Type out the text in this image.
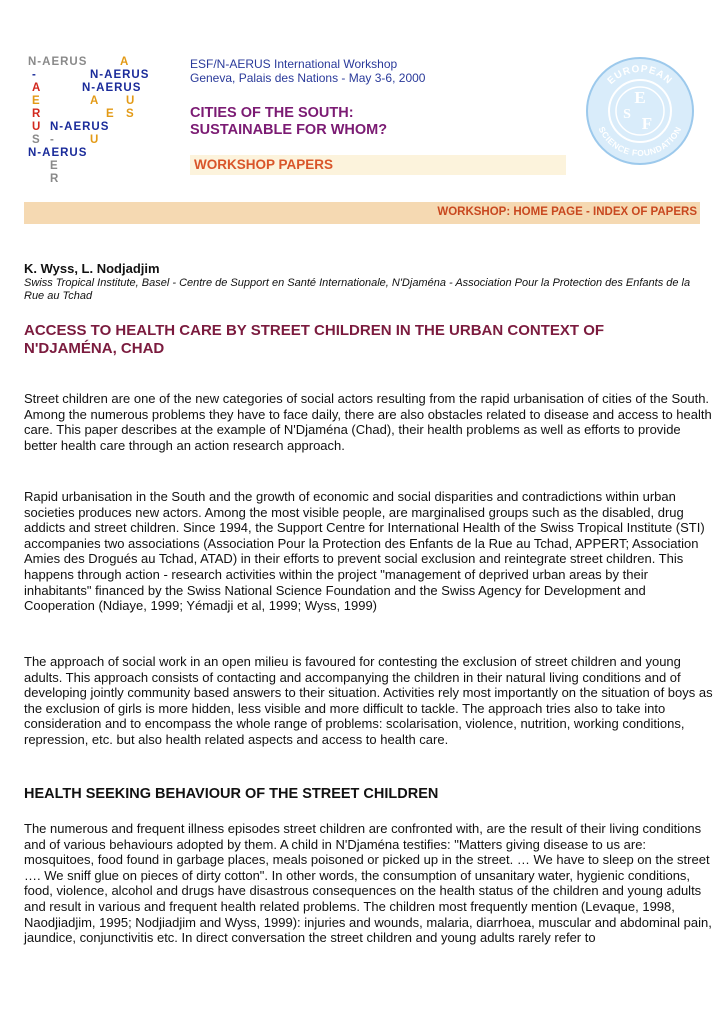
N-AERUS	A
-	N-AERUS
A	N-AERUS
E	A U
R	E S
U N-AERUS
S -	U
N-AERUS
E
R
ESF/N-AERUS International Workshop
Geneva, Palais des Nations - May 3-6, 2000
CITIES OF THE SOUTH:
SUSTAINABLE FOR WHOM?
WORKSHOP PAPERS
EUROPEAN
SCIENCE FOUNDATION
E
S F
WORKSHOP: HOME PAGE - INDEX OF PAPERS
K. Wyss, L. Nodjadjim
Swiss Tropical Institute, Basel - Centre de Support en Santé Internationale, N'Djaména - Association Pour la Protection des Enfants de la Rue au Tchad
ACCESS TO HEALTH CARE BY STREET CHILDREN IN THE URBAN CONTEXT OF N'DJAMÉNA, CHAD
Street children are one of the new categories of social actors resulting from the rapid urbanisation of cities of the South. Among the numerous problems they have to face daily, there are also obstacles related to disease and access to health care. This paper describes at the example of N'Djaména (Chad), their health problems as well as efforts to provide better health care through an action research approach.
Rapid urbanisation in the South and the growth of economic and social disparities and contradictions within urban societies produces new actors. Among the most visible people, are marginalised groups such as the disabled, drug addicts and street children. Since 1994, the Support Centre for International Health of the Swiss Tropical Institute (STI) accompanies two associations (Association Pour la Protection des Enfants de la Rue au Tchad, APPERT; Association Amies des Drogués au Tchad, ATAD) in their efforts to prevent social exclusion and reintegrate street children. This happens through action - research activities within the project "management of deprived urban areas by their inhabitants" financed by the Swiss National Science Foundation and the Swiss Agency for Development and Cooperation (Ndiaye, 1999; Yémadji et al, 1999; Wyss, 1999)
The approach of social work in an open milieu is favoured for contesting the exclusion of street children and young adults. This approach consists of contacting and accompanying the children in their natural living conditions and of developing jointly community based answers to their situation. Activities rely most importantly on the situation of boys as the exclusion of girls is more hidden, less visible and more difficult to tackle. The approach tries also to take into consideration and to encompass the whole range of problems: scolarisation, violence, nutrition, working conditions, repression, etc. but also health related aspects and access to health care.
HEALTH SEEKING BEHAVIOUR OF THE STREET CHILDREN
The numerous and frequent illness episodes street children are confronted with, are the result of their living conditions and of various behaviours adopted by them. A child in N'Djaména testifies: "Matters giving disease to us are: mosquitoes, food found in garbage places, meals poisoned or picked up in the street. … We have to sleep on the street …. We sniff glue on pieces of dirty cotton". In other words, the consumption of unsanitary water, hygienic conditions, food, violence, alcohol and drugs have disastrous consequences on the health status of the children and young adults and result in various and frequent health related problems. The children most frequently mention (Levaque, 1998, Naodjiadjim, 1995; Nodjiadjim and Wyss, 1999): injuries and wounds, malaria, diarrhoea, muscular and abdominal pain, jaundice, conjunctivitis etc. In direct conversation the street children and young adults rarely refer to
